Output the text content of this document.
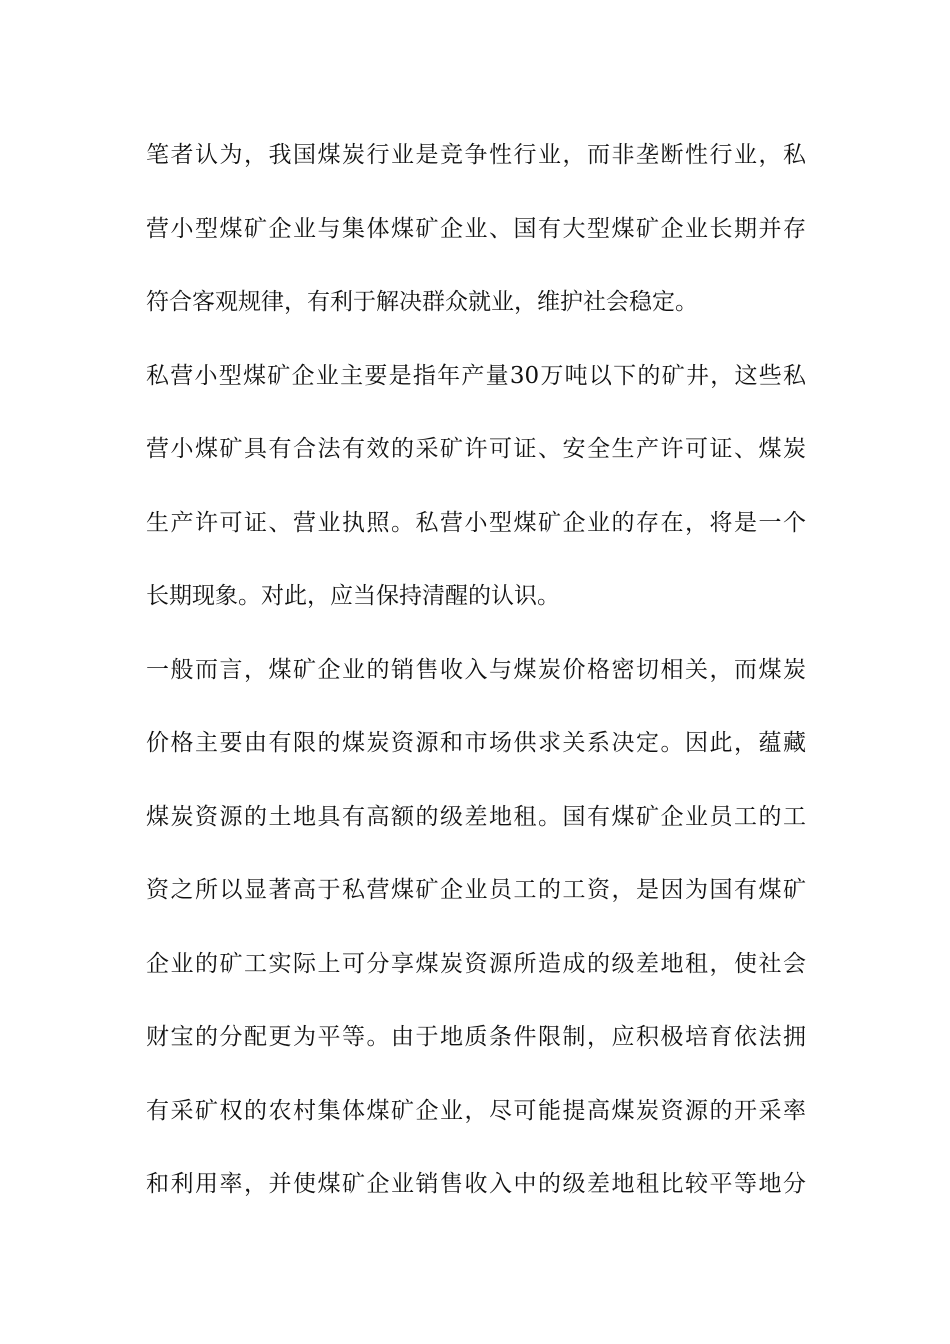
笔者认为，我国煤炭行业是竞争性行业，而非垄断性行业，私
营小型煤矿企业与集体煤矿企业、国有大型煤矿企业长期并存
符合客观规律，有利于解决群众就业，维护社会稳定。
私营小型煤矿企业主要是指年产量30万吨以下的矿井，这些私
营小煤矿具有合法有效的采矿许可证、安全生产许可证、煤炭
生产许可证、营业执照。私营小型煤矿企业的存在，将是一个
长期现象。对此，应当保持清醒的认识。
一般而言，煤矿企业的销售收入与煤炭价格密切相关，而煤炭
价格主要由有限的煤炭资源和市场供求关系决定。因此，蕴藏
煤炭资源的土地具有高额的级差地租。国有煤矿企业员工的工
资之所以显著高于私营煤矿企业员工的工资，是因为国有煤矿
企业的矿工实际上可分享煤炭资源所造成的级差地租，使社会
财宝的分配更为平等。由于地质条件限制，应积极培育依法拥
有采矿权的农村集体煤矿企业，尽可能提高煤炭资源的开采率
和利用率，并使煤矿企业销售收入中的级差地租比较平等地分
